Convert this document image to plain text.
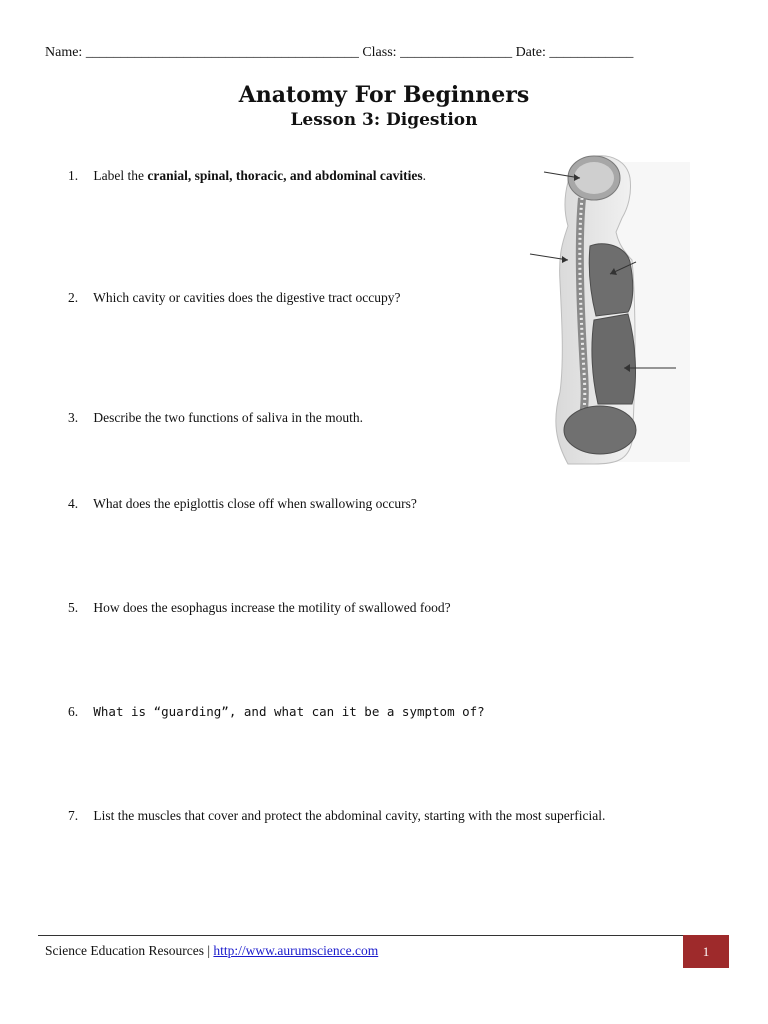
Name: _______________________________________ Class: ________________ Date: ____________
Anatomy For Beginners
Lesson 3: Digestion
1. Label the cranial, spinal, thoracic, and abdominal cavities.
2. Which cavity or cavities does the digestive tract occupy?
3. Describe the two functions of saliva in the mouth.
4. What does the epiglottis close off when swallowing occurs?
5. How does the esophagus increase the motility of swallowed food?
6. What is “guarding”, and what can it be a symptom of?
7. List the muscles that cover and protect the abdominal cavity, starting with the most superficial.
Science Education Resources | http://www.aurumscience.com	1
